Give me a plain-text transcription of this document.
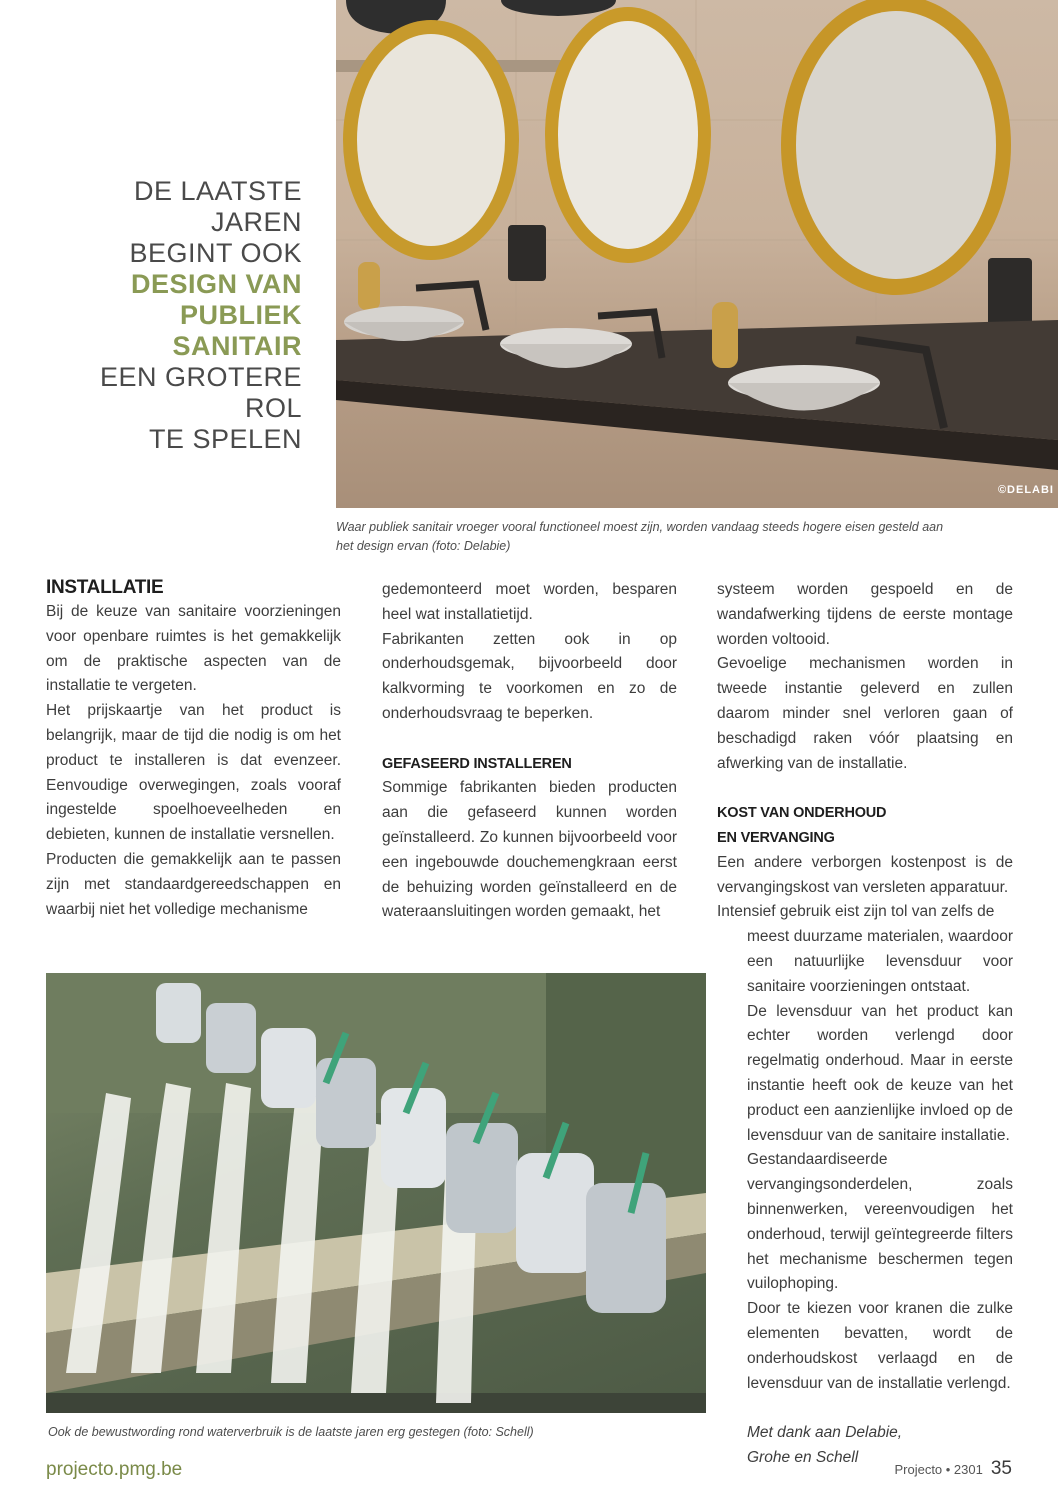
DE LAATSTE JAREN
BEGINT OOK
DESIGN VAN
PUBLIEK
SANITAIR
EEN GROTERE ROL
TE SPELEN
©DELABI
Waar publiek sanitair vroeger vooral functioneel moest zijn, worden vandaag steeds hogere eisen gesteld aan
het design ervan (foto: Delabie)
INSTALLATIE

Bij de keuze van sanitaire voorzieningen voor openbare ruimtes is het gemakkelijk om de praktische aspecten van de installatie te vergeten.

Het prijskaartje van het product is belangrijk, maar de tijd die nodig is om het product te installeren is dat evenzeer. Eenvoudige overwegingen, zoals vooraf ingestelde spoelhoeveelheden en debieten, kunnen de installatie versnellen.

Producten die gemakkelijk aan te passen zijn met standaardgereedschappen en waarbij niet het volledige mechanisme

gedemonteerd moet worden, besparen heel wat installatietijd.

Fabrikanten zetten ook in op onderhoudsgemak, bijvoorbeeld door kalkvorming te voorkomen en zo de onderhoudsvraag te beperken.

GEFASEERD INSTALLEREN

Sommige fabrikanten bieden producten aan die gefaseerd kunnen worden geïnstalleerd. Zo kunnen bijvoorbeeld voor een ingebouwde douchemengkraan eerst de behuizing worden geïnstalleerd en de wateraansluitingen worden gemaakt, het

systeem worden gespoeld en de wandafwerking tijdens de eerste montage worden voltooid.

Gevoelige mechanismen worden in tweede instantie geleverd en zullen daarom minder snel verloren gaan of beschadigd raken vóór plaatsing en afwerking van de installatie.

KOST VAN ONDERHOUD
EN VERVANGING

Een andere verborgen kostenpost is de vervangingskost van versleten apparatuur.

Intensief gebruik eist zijn tol van zelfs de

meest duurzame materialen, waardoor een natuurlijke levensduur voor sanitaire voorzieningen ontstaat.

De levensduur van het product kan echter worden verlengd door regelmatig onderhoud. Maar in eerste instantie heeft ook de keuze van het product een aanzienlijke invloed op de levensduur van de sanitaire installatie.

Gestandaardiseerde vervangingsonderdelen, zoals binnenwerken, vereenvoudigen het onderhoud, terwijl geïntegreerde filters het mechanisme beschermen tegen vuilophoping.

Door te kiezen voor kranen die zulke elementen bevatten, wordt de onderhoudskost verlaagd en de levensduur van de installatie verlengd.

Met dank aan Delabie,

Grohe en Schell

Ook de bewustwording rond waterverbruik is de laatste jaren erg gestegen (foto: Schell)
projecto.pmg.be	Projecto • 2301 35
